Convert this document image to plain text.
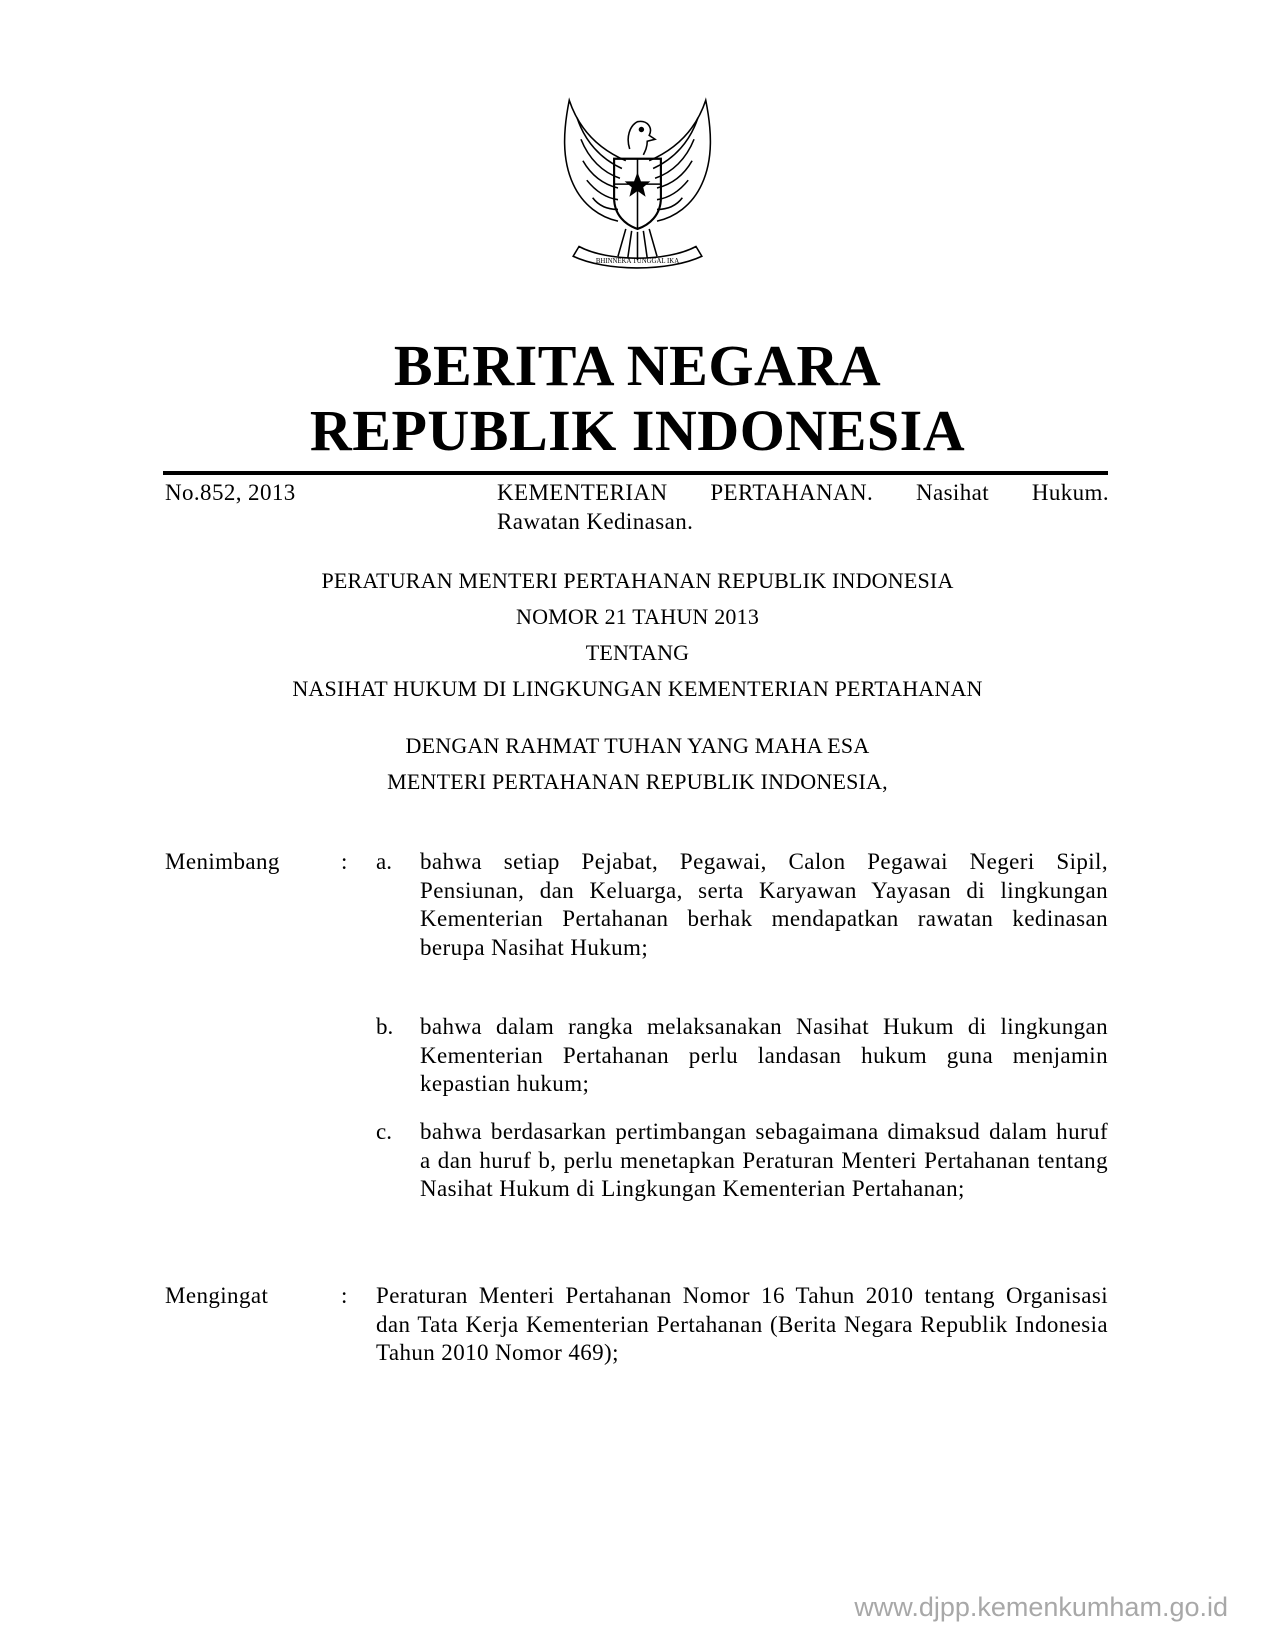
BHINNEKA TUNGGAL IKA
BERITA NEGARA
REPUBLIK INDONESIA
No.852, 2013	KEMENTERIAN PERTAHANAN. Nasihat Hukum.
Rawatan Kedinasan.
PERATURAN MENTERI PERTAHANAN REPUBLIK INDONESIA
NOMOR 21 TAHUN 2013
TENTANG
NASIHAT HUKUM DI LINGKUNGAN KEMENTERIAN PERTAHANAN
DENGAN RAHMAT TUHAN YANG MAHA ESA
MENTERI PERTAHANAN REPUBLIK INDONESIA,
Menimbang	: a. bahwa setiap Pejabat, Pegawai, Calon Pegawai Negeri Sipil, Pensiunan, dan Keluarga, serta Karyawan Yayasan di lingkungan Kementerian Pertahanan berhak mendapatkan rawatan kedinasan berupa Nasihat Hukum;

b. bahwa dalam rangka melaksanakan Nasihat Hukum di lingkungan Kementerian Pertahanan perlu landasan hukum guna menjamin kepastian hukum;

c. bahwa berdasarkan pertimbangan sebagaimana dimaksud dalam huruf a dan huruf b, perlu menetapkan Peraturan Menteri Pertahanan tentang Nasihat Hukum di Lingkungan Kementerian Pertahanan;

Mengingat	: Peraturan Menteri Pertahanan Nomor 16 Tahun 2010 tentang Organisasi dan Tata Kerja Kementerian Pertahanan (Berita Negara Republik Indonesia Tahun 2010 Nomor 469);

www.djpp.kemenkumham.go.id
